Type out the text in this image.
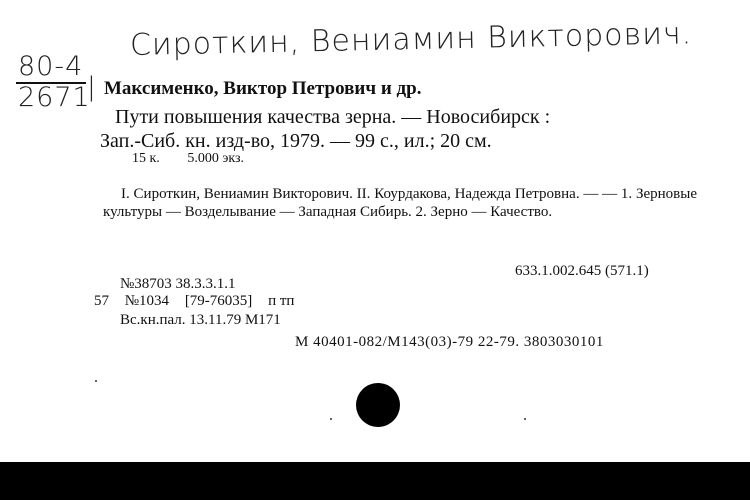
Сироткин, Вениамин Викторович.
80-4
2671
| Максименко, Виктор Петрович и др.
Пути повышения качества зерна. — Новосибирск :
Зап.-Сиб. кн. изд-во, 1979. — 99 с., ил.; 20 см.
15 к. 5.000 экз.
I. Сироткин, Вениамин Викторович. II. Коурдакова, Надежда Петровна. — — 1. Зерновые культуры — Возделывание — Западная Сибирь. 2. Зерно — Качество.
633.1.002.645 (571.1)
№38703 38.3.3.1.1
57 №1034 [79-76035] п тп
Вс.кн.пал. 13.11.79 М171
М 40401-082/М143(03)-79 22-79. 3803030101
